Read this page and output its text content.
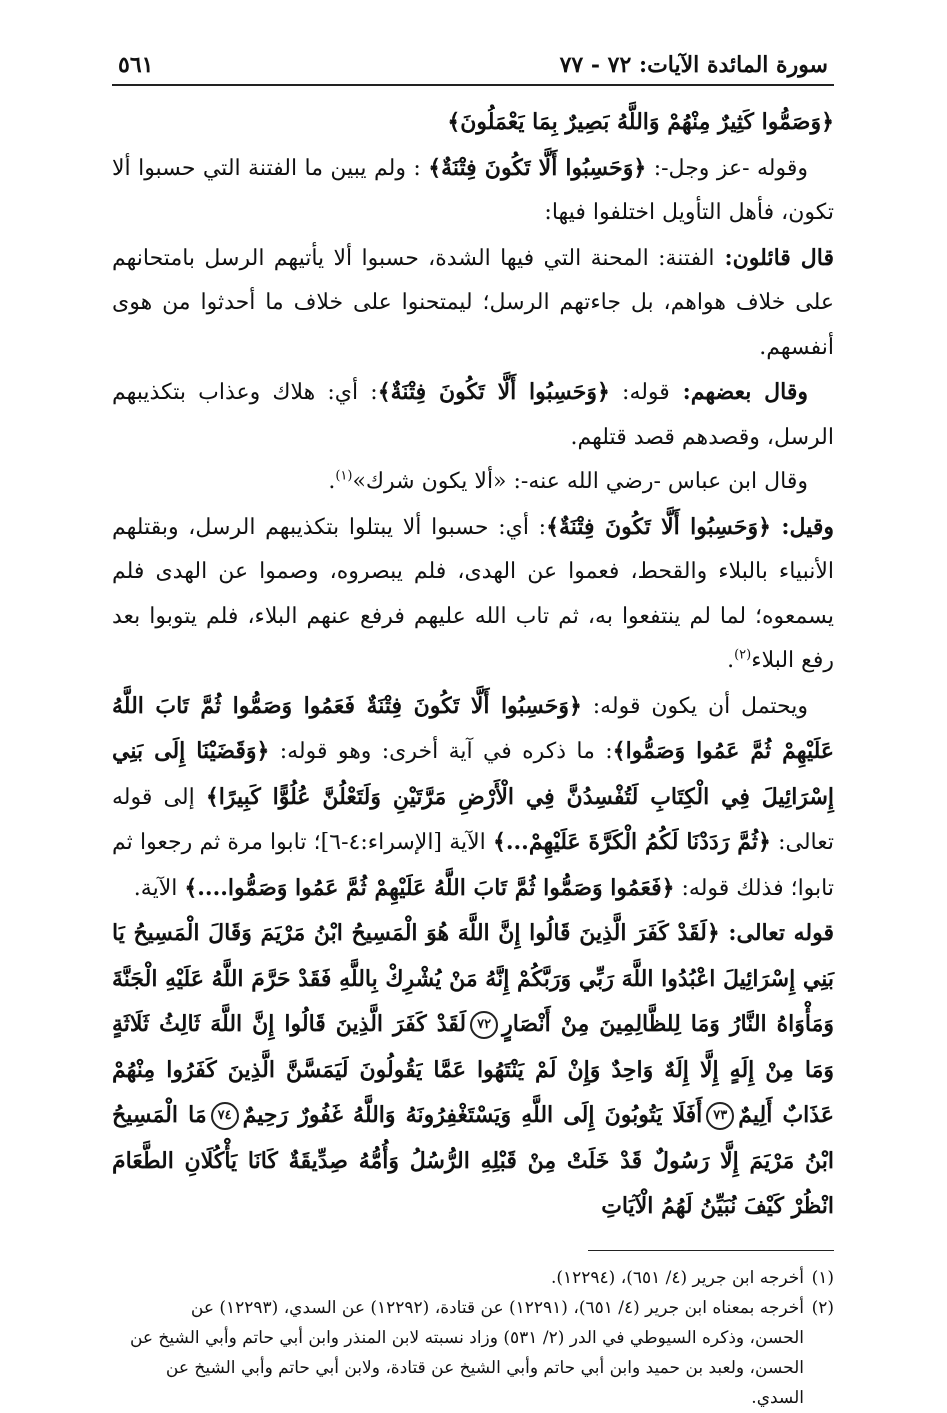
سورة المائدة الآيات: ٧٢ - ٧٧
٥٦١

﴿وَصَمُّوا كَثِيرٌ مِنْهُمْ وَاللَّهُ بَصِيرٌ بِمَا يَعْمَلُونَ﴾

وقوله -عز وجل-: ﴿وَحَسِبُوا أَلَّا تَكُونَ فِتْنَةٌ﴾ : ولم يبين ما الفتنة التي حسبوا ألا تكون، فأهل التأويل اختلفوا فيها:

قال قائلون: الفتنة: المحنة التي فيها الشدة، حسبوا ألا يأتيهم الرسل بامتحانهم على خلاف هواهم، بل جاءتهم الرسل؛ ليمتحنوا على خلاف ما أحدثوا من هوى أنفسهم.

وقال بعضهم: قوله: ﴿وَحَسِبُوا أَلَّا تَكُونَ فِتْنَةٌ﴾: أي: هلاك وعذاب بتكذيبهم الرسل، وقصدهم قصد قتلهم.

وقال ابن عباس -رضي الله عنه-: «ألا يكون شرك»$^{(١)}$.

وقيل: ﴿وَحَسِبُوا أَلَّا تَكُونَ فِتْنَةٌ﴾: أي: حسبوا ألا يبتلوا بتكذيبهم الرسل، وبقتلهم الأنبياء بالبلاء والقحط، فعموا عن الهدى، فلم يبصروه، وصموا عن الهدى فلم يسمعوه؛ لما لم ينتفعوا به، ثم تاب الله عليهم فرفع عنهم البلاء، فلم يتوبوا بعد رفع البلاء$^{(٢)}$.

ويحتمل أن يكون قوله: ﴿وَحَسِبُوا أَلَّا تَكُونَ فِتْنَةٌ فَعَمُوا وَصَمُّوا ثُمَّ تَابَ اللَّهُ عَلَيْهِمْ ثُمَّ عَمُوا وَصَمُّوا﴾: ما ذكره في آية أخرى: وهو قوله: ﴿وَقَضَيْنَا إِلَى بَنِي إِسْرَائِيلَ فِي الْكِتَابِ لَتُفْسِدُنَّ فِي الْأَرْضِ مَرَّتَيْنِ وَلَتَعْلُنَّ عُلُوًّا كَبِيرًا﴾ إلى قوله تعالى: ﴿ثُمَّ رَدَدْنَا لَكُمُ الْكَرَّةَ عَلَيْهِمْ...﴾ الآية [الإسراء:٤-٦]؛ تابوا مرة ثم رجعوا ثم تابوا؛ فذلك قوله: ﴿فَعَمُوا وَصَمُّوا ثُمَّ تَابَ اللَّهُ عَلَيْهِمْ ثُمَّ عَمُوا وَصَمُّوا....﴾ الآية.

قوله تعالى: ﴿لَقَدْ كَفَرَ الَّذِينَ قَالُوا إِنَّ اللَّهَ هُوَ الْمَسِيحُ ابْنُ مَرْيَمَ وَقَالَ الْمَسِيحُ يَا بَنِي إِسْرَائِيلَ اعْبُدُوا اللَّهَ رَبِّي وَرَبَّكُمْ إِنَّهُ مَنْ يُشْرِكْ بِاللَّهِ فَقَدْ حَرَّمَ اللَّهُ عَلَيْهِ الْجَنَّةَ وَمَأْوَاهُ النَّارُ وَمَا لِلظَّالِمِينَ مِنْ أَنْصَارٍ٧٢لَقَدْ كَفَرَ الَّذِينَ قَالُوا إِنَّ اللَّهَ ثَالِثُ ثَلَاثَةٍ وَمَا مِنْ إِلَهٍ إِلَّا إِلَهٌ وَاحِدٌ وَإِنْ لَمْ يَنْتَهُوا عَمَّا يَقُولُونَ لَيَمَسَّنَّ الَّذِينَ كَفَرُوا مِنْهُمْ عَذَابٌ أَلِيمٌ٧٣أَفَلَا يَتُوبُونَ إِلَى اللَّهِ وَيَسْتَغْفِرُونَهُ وَاللَّهُ غَفُورٌ رَحِيمٌ٧٤مَا الْمَسِيحُ ابْنُ مَرْيَمَ إِلَّا رَسُولٌ قَدْ خَلَتْ مِنْ قَبْلِهِ الرُّسُلُ وَأُمُّهُ صِدِّيقَةٌ كَانَا يَأْكُلَانِ الطَّعَامَ انْظُرْ كَيْفَ نُبَيِّنُ لَهُمُ الْآيَاتِ

(١)أخرجه ابن جرير (٤/ ٦٥١)، (١٢٢٩٤).

(٢)أخرجه بمعناه ابن جرير (٤/ ٦٥١)، (١٢٢٩١) عن قتادة، (١٢٢٩٢) عن السدي، (١٢٢٩٣) عن

الحسن، وذكره السيوطي في الدر (٢/ ٥٣١) وزاد نسبته لابن المنذر وابن أبي حاتم وأبي الشيخ عن

الحسن، ولعبد بن حميد وابن أبي حاتم وأبي الشيخ عن قتادة، ولابن أبي حاتم وأبي الشيخ عن

السدي.
